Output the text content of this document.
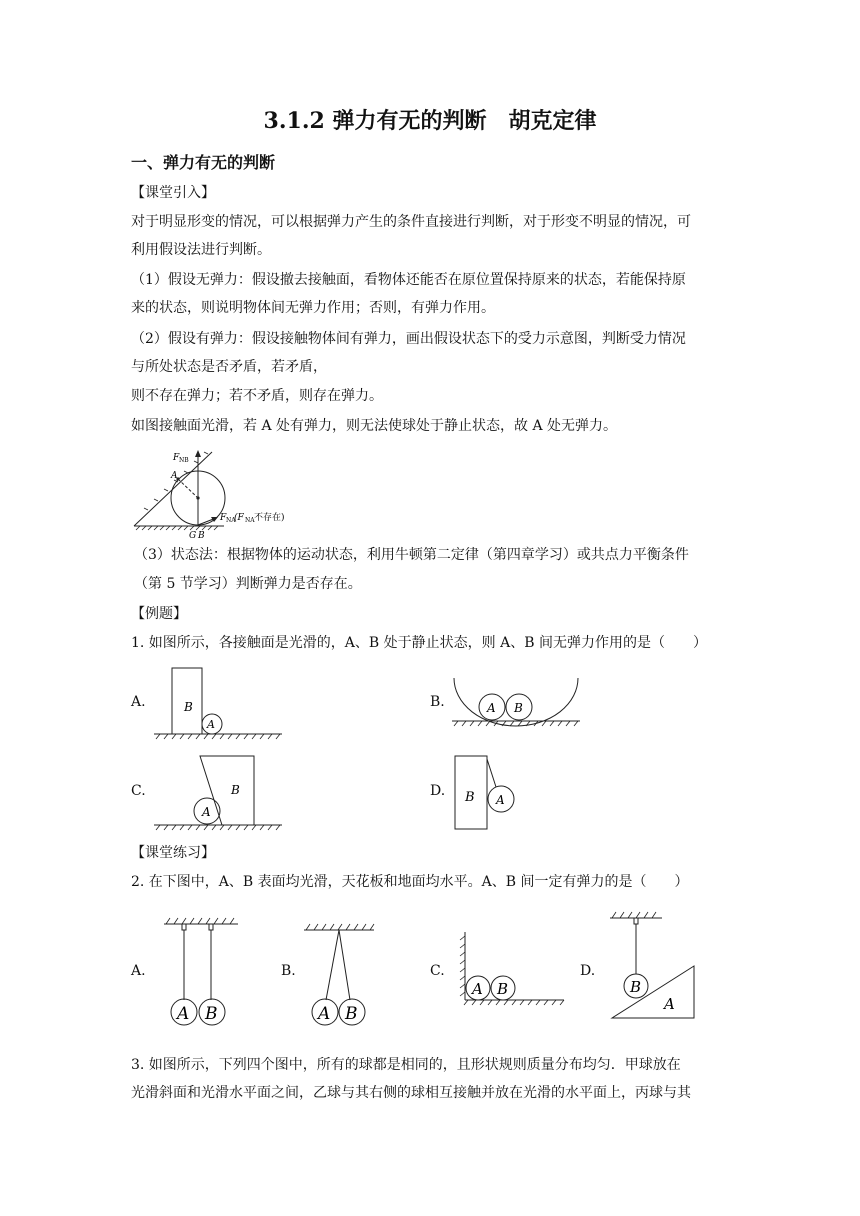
3.1.2 弹力有无的判断　胡克定律
一、弹力有无的判断
【课堂引入】
对于明显形变的情况，可以根据弹力产生的条件直接进行判断，对于形变不明显的情况，可
利用假设法进行判断。
（1）假设无弹力：假设撤去接触面，看物体还能否在原位置保持原来的状态，若能保持原
来的状态，则说明物体间无弹力作用；否则，有弹力作用。
（2）假设有弹力：假设接触物体间有弹力，画出假设状态下的受力示意图，判断受力情况
与所处状态是否矛盾，若矛盾，
则不存在弹力；若不矛盾，则存在弹力。
如图接触面光滑，若 A 处有弹力，则无法使球处于静止状态，故 A 处无弹力。
F NB
A
G B
F NA
(F NA 不存在)
（3）状态法：根据物体的运动状态，利用牛顿第二定律（第四章学习）或共点力平衡条件
（第 5 节学习）判断弹力是否存在。
【例题】
1. 如图所示，各接触面是光滑的，A、B 处于静止状态，则 A、B 间无弹力作用的是（　　）
A.	B.
C.	D.
B
A
A B
B
A
B A
【课堂练习】
2. 在下图中，A、B 表面均光滑，天花板和地面均水平。A、B 间一定有弹力的是（　　）
A.	B.	C.	D.
A B	A B
A B	B
A
3. 如图所示，下列四个图中，所有的球都是相同的，且形状规则质量分布均匀．甲球放在
光滑斜面和光滑水平面之间，乙球与其右侧的球相互接触并放在光滑的水平面上，丙球与其
